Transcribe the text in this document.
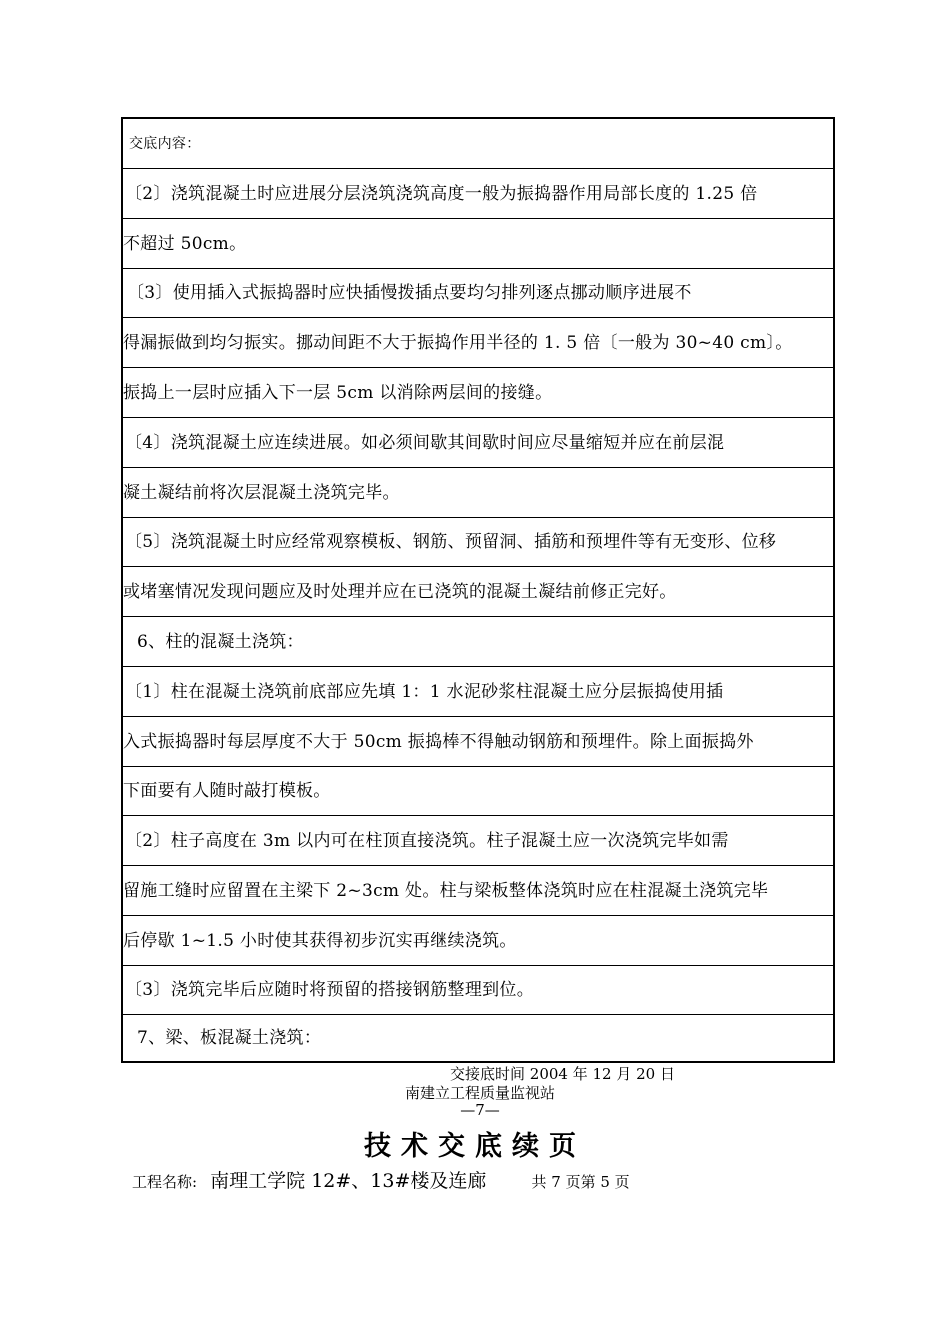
交底内容：
〔2〕浇筑混凝土时应进展分层浇筑浇筑高度一般为振捣器作用局部长度的 1.25 倍
不超过 50cm。
〔3〕使用插入式振捣器时应快插慢拨插点要均匀排列逐点挪动顺序进展不
得漏振做到均匀振实。挪动间距不大于振捣作用半径的 1. 5 倍〔一般为 30~40 cm〕。
振捣上一层时应插入下一层 5cm 以消除两层间的接缝。
〔4〕浇筑混凝土应连续进展。如必须间歇其间歇时间应尽量缩短并应在前层混
凝土凝结前将次层混凝土浇筑完毕。
〔5〕浇筑混凝土时应经常观察模板、钢筋、预留洞、插筋和预埋件等有无变形、位移
或堵塞情况发现问题应及时处理并应在已浇筑的混凝土凝结前修正完好。
6、柱的混凝土浇筑：
〔1〕柱在混凝土浇筑前底部应先填 1：1 水泥砂浆柱混凝土应分层振捣使用插
入式振捣器时每层厚度不大于 50cm 振捣棒不得触动钢筋和预埋件。除上面振捣外
下面要有人随时敲打模板。
〔2〕柱子高度在 3m 以内可在柱顶直接浇筑。柱子混凝土应一次浇筑完毕如需
留施工缝时应留置在主梁下 2~3cm 处。柱与梁板整体浇筑时应在柱混凝土浇筑完毕
后停歇 1~1.5 小时使其获得初步沉实再继续浇筑。
〔3〕浇筑完毕后应随时将预留的搭接钢筋整理到位。
7、梁、板混凝土浇筑：
交接底时间 2004 年 12 月 20 日
南建立工程质量监视站
—7—
技术交底续页
工程名称: 南理工学院 12#、13#楼及连廊	共 7 页第 5 页
